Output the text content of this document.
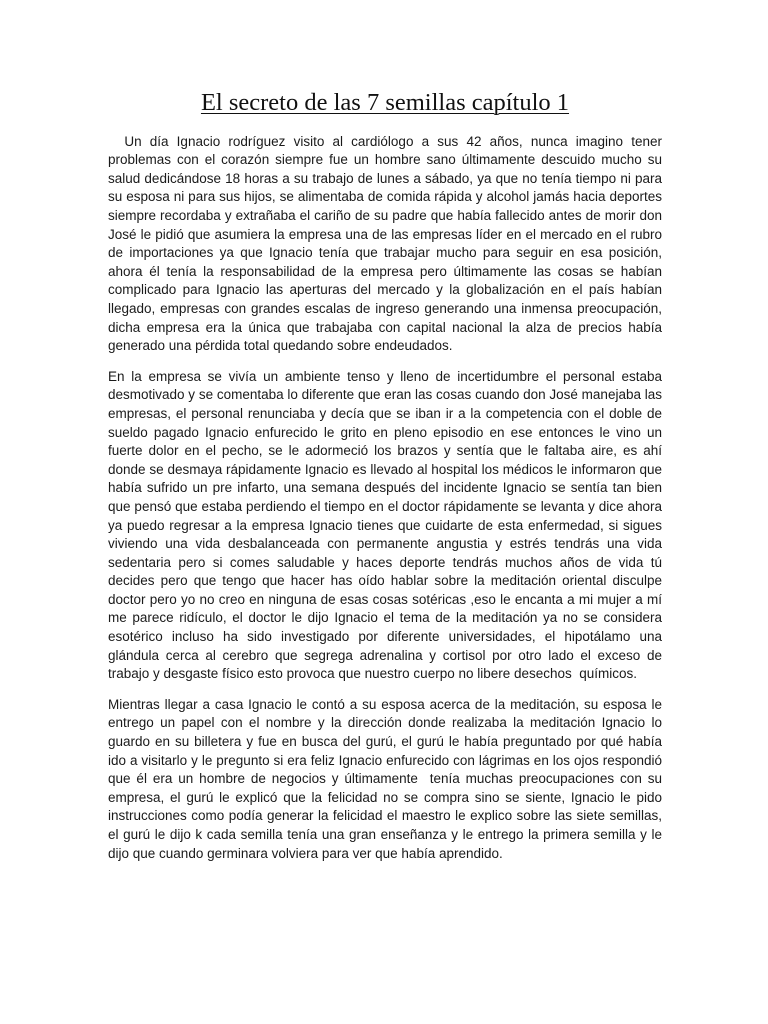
El secreto de las 7 semillas capítulo 1

Un día Ignacio rodríguez visito al cardiólogo a sus 42 años, nunca imagino tener problemas con el corazón siempre fue un hombre sano últimamente descuido mucho su salud dedicándose 18 horas a su trabajo de lunes a sábado, ya que no tenía tiempo ni para su esposa ni para sus hijos, se alimentaba de comida rápida y alcohol jamás hacia deportes siempre recordaba y extrañaba el cariño de su padre que había fallecido antes de morir don José le pidió que asumiera la empresa una de las empresas líder en el mercado en el rubro de importaciones ya que Ignacio tenía que trabajar mucho para seguir en esa posición, ahora él tenía la responsabilidad de la empresa pero últimamente las cosas se habían complicado para Ignacio las aperturas del mercado y la globalización en el país habían llegado, empresas con grandes escalas de ingreso generando una inmensa preocupación, dicha empresa era la única que trabajaba con capital nacional la alza de precios había generado una pérdida total quedando sobre endeudados.

En la empresa se vivía un ambiente tenso y lleno de incertidumbre el personal estaba desmotivado y se comentaba lo diferente que eran las cosas cuando don José manejaba las empresas, el personal renunciaba y decía que se iban ir a la competencia con el doble de sueldo pagado Ignacio enfurecido le grito en pleno episodio en ese entonces le vino un fuerte dolor en el pecho, se le adormeció los brazos y sentía que le faltaba aire, es ahí donde se desmaya rápidamente Ignacio es llevado al hospital los médicos le informaron que había sufrido un pre infarto, una semana después del incidente Ignacio se sentía tan bien que pensó que estaba perdiendo el tiempo en el doctor rápidamente se levanta y dice ahora ya puedo regresar a la empresa Ignacio tienes que cuidarte de esta enfermedad, si sigues viviendo una vida desbalanceada con permanente angustia y estrés tendrás una vida sedentaria pero si comes saludable y haces deporte tendrás muchos años de vida tú decides pero que tengo que hacer has oído hablar sobre la meditación oriental disculpe doctor pero yo no creo en ninguna de esas cosas sotéricas ,eso le encanta a mi mujer a mí me parece ridículo, el doctor le dijo Ignacio el tema de la meditación ya no se considera esotérico incluso ha sido investigado por diferente universidades, el hipotálamo una glándula cerca al cerebro que segrega adrenalina y cortisol por otro lado el exceso de trabajo y desgaste físico esto provoca que nuestro cuerpo no libere desechos  químicos.

Mientras llegar a casa Ignacio le contó a su esposa acerca de la meditación, su esposa le entrego un papel con el nombre y la dirección donde realizaba la meditación Ignacio lo guardo en su billetera y fue en busca del gurú, el gurú le había preguntado por qué había ido a visitarlo y le pregunto si era feliz Ignacio enfurecido con lágrimas en los ojos respondió  que él era un hombre de negocios y últimamente  tenía muchas preocupaciones con su empresa, el gurú le explicó que la felicidad no se compra sino se siente, Ignacio le pido instrucciones como podía generar la felicidad el maestro le explico sobre las siete semillas, el gurú le dijo k cada semilla tenía una gran enseñanza y le entrego la primera semilla y le dijo que cuando germinara volviera para ver que había aprendido.
